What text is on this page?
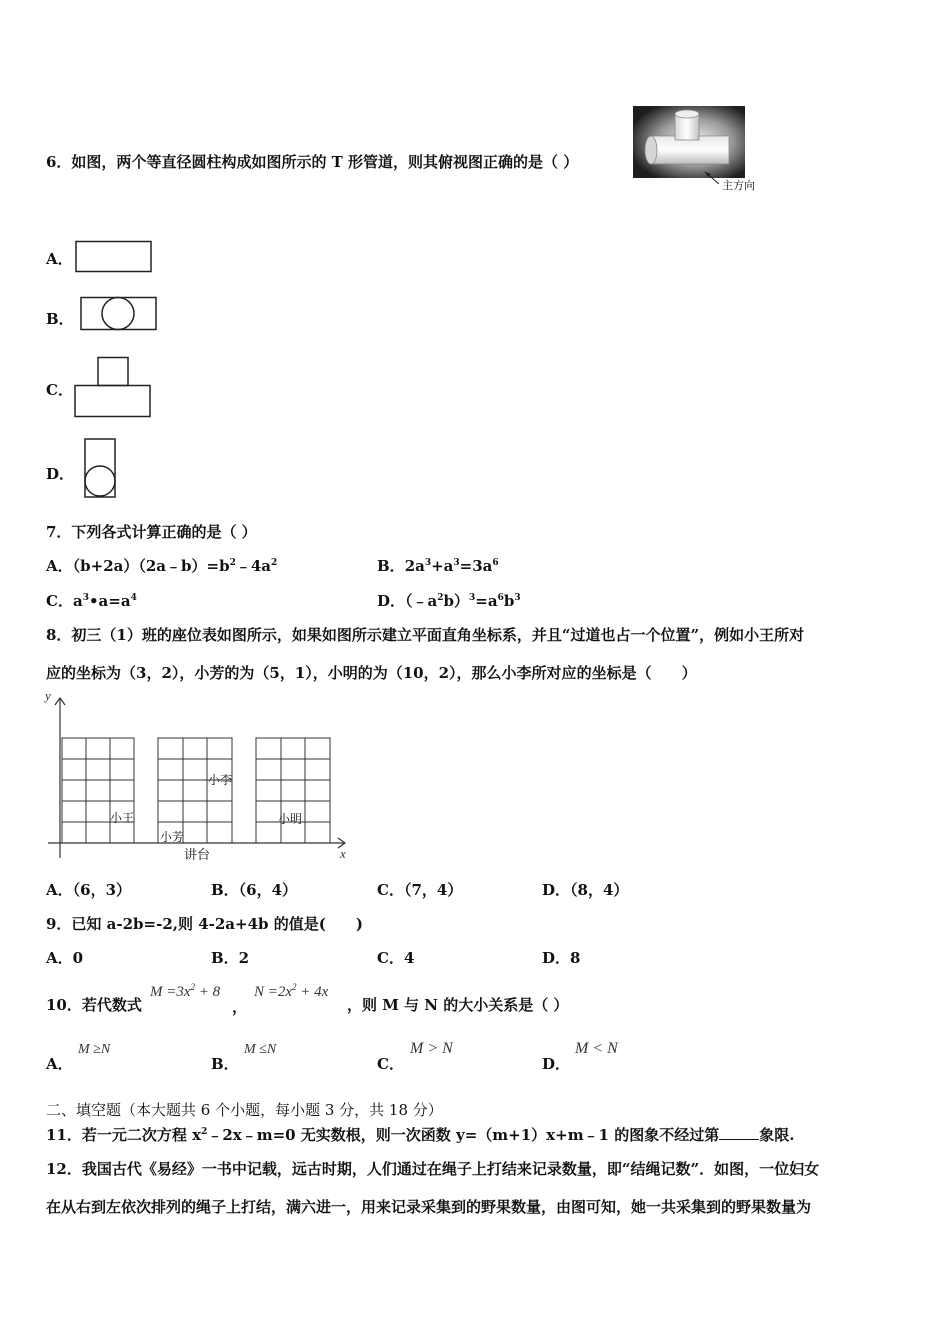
6．如图，两个等直径圆柱构成如图所示的 T 形管道，则其俯视图正确的是（ ）
主方向
A．
B．
C．
D．
7．下列各式计算正确的是（ ）
A．$(b+2a)(2a﹣b)=b^2﹣4a^2$	B．$2a^3+a^3=3a^6$
C．$a^3•a=a^4$	D．$(﹣a^2b)^3=a^6b^3$
8．初三（1）班的座位表如图所示，如果如图所示建立平面直角坐标系，并且“过道也占一个位置”，例如小王所对
应的坐标为（3，2），小芳的为（5，1），小明的为（10，2），那么小李所对应的坐标是（　　）
y
x
讲台
小王
小芳
小李
小明
A．（6，3）	B．（6，4）	C．（7，4）	D．（8，4）
9．已知 a-2b=-2,则 4-2a+4b 的值是(　　)
A．0	B．2	C．4	D．8
10．若代数式
$M =3x^2 + 8$
，
$N =2x^2 + 4x$
，则 M 与 N 的大小关系是（ ）
A．
M ≥N
B．
M ≤N
C．
M > N
D．
M < N
二、填空题（本大题共 6 个小题，每小题 3 分，共 18 分）
11．若一元二次方程 $x^2﹣2x﹣m=0$ 无实数根，则一次函数 y=（m+1）x+m﹣1 的图象不经过第	象限.
12．我国古代《易经》一书中记载，远古时期，人们通过在绳子上打结来记录数量，即“结绳记数”．如图，一位妇女
在从右到左依次排列的绳子上打结，满六进一，用来记录采集到的野果数量，由图可知，她一共采集到的野果数量为
